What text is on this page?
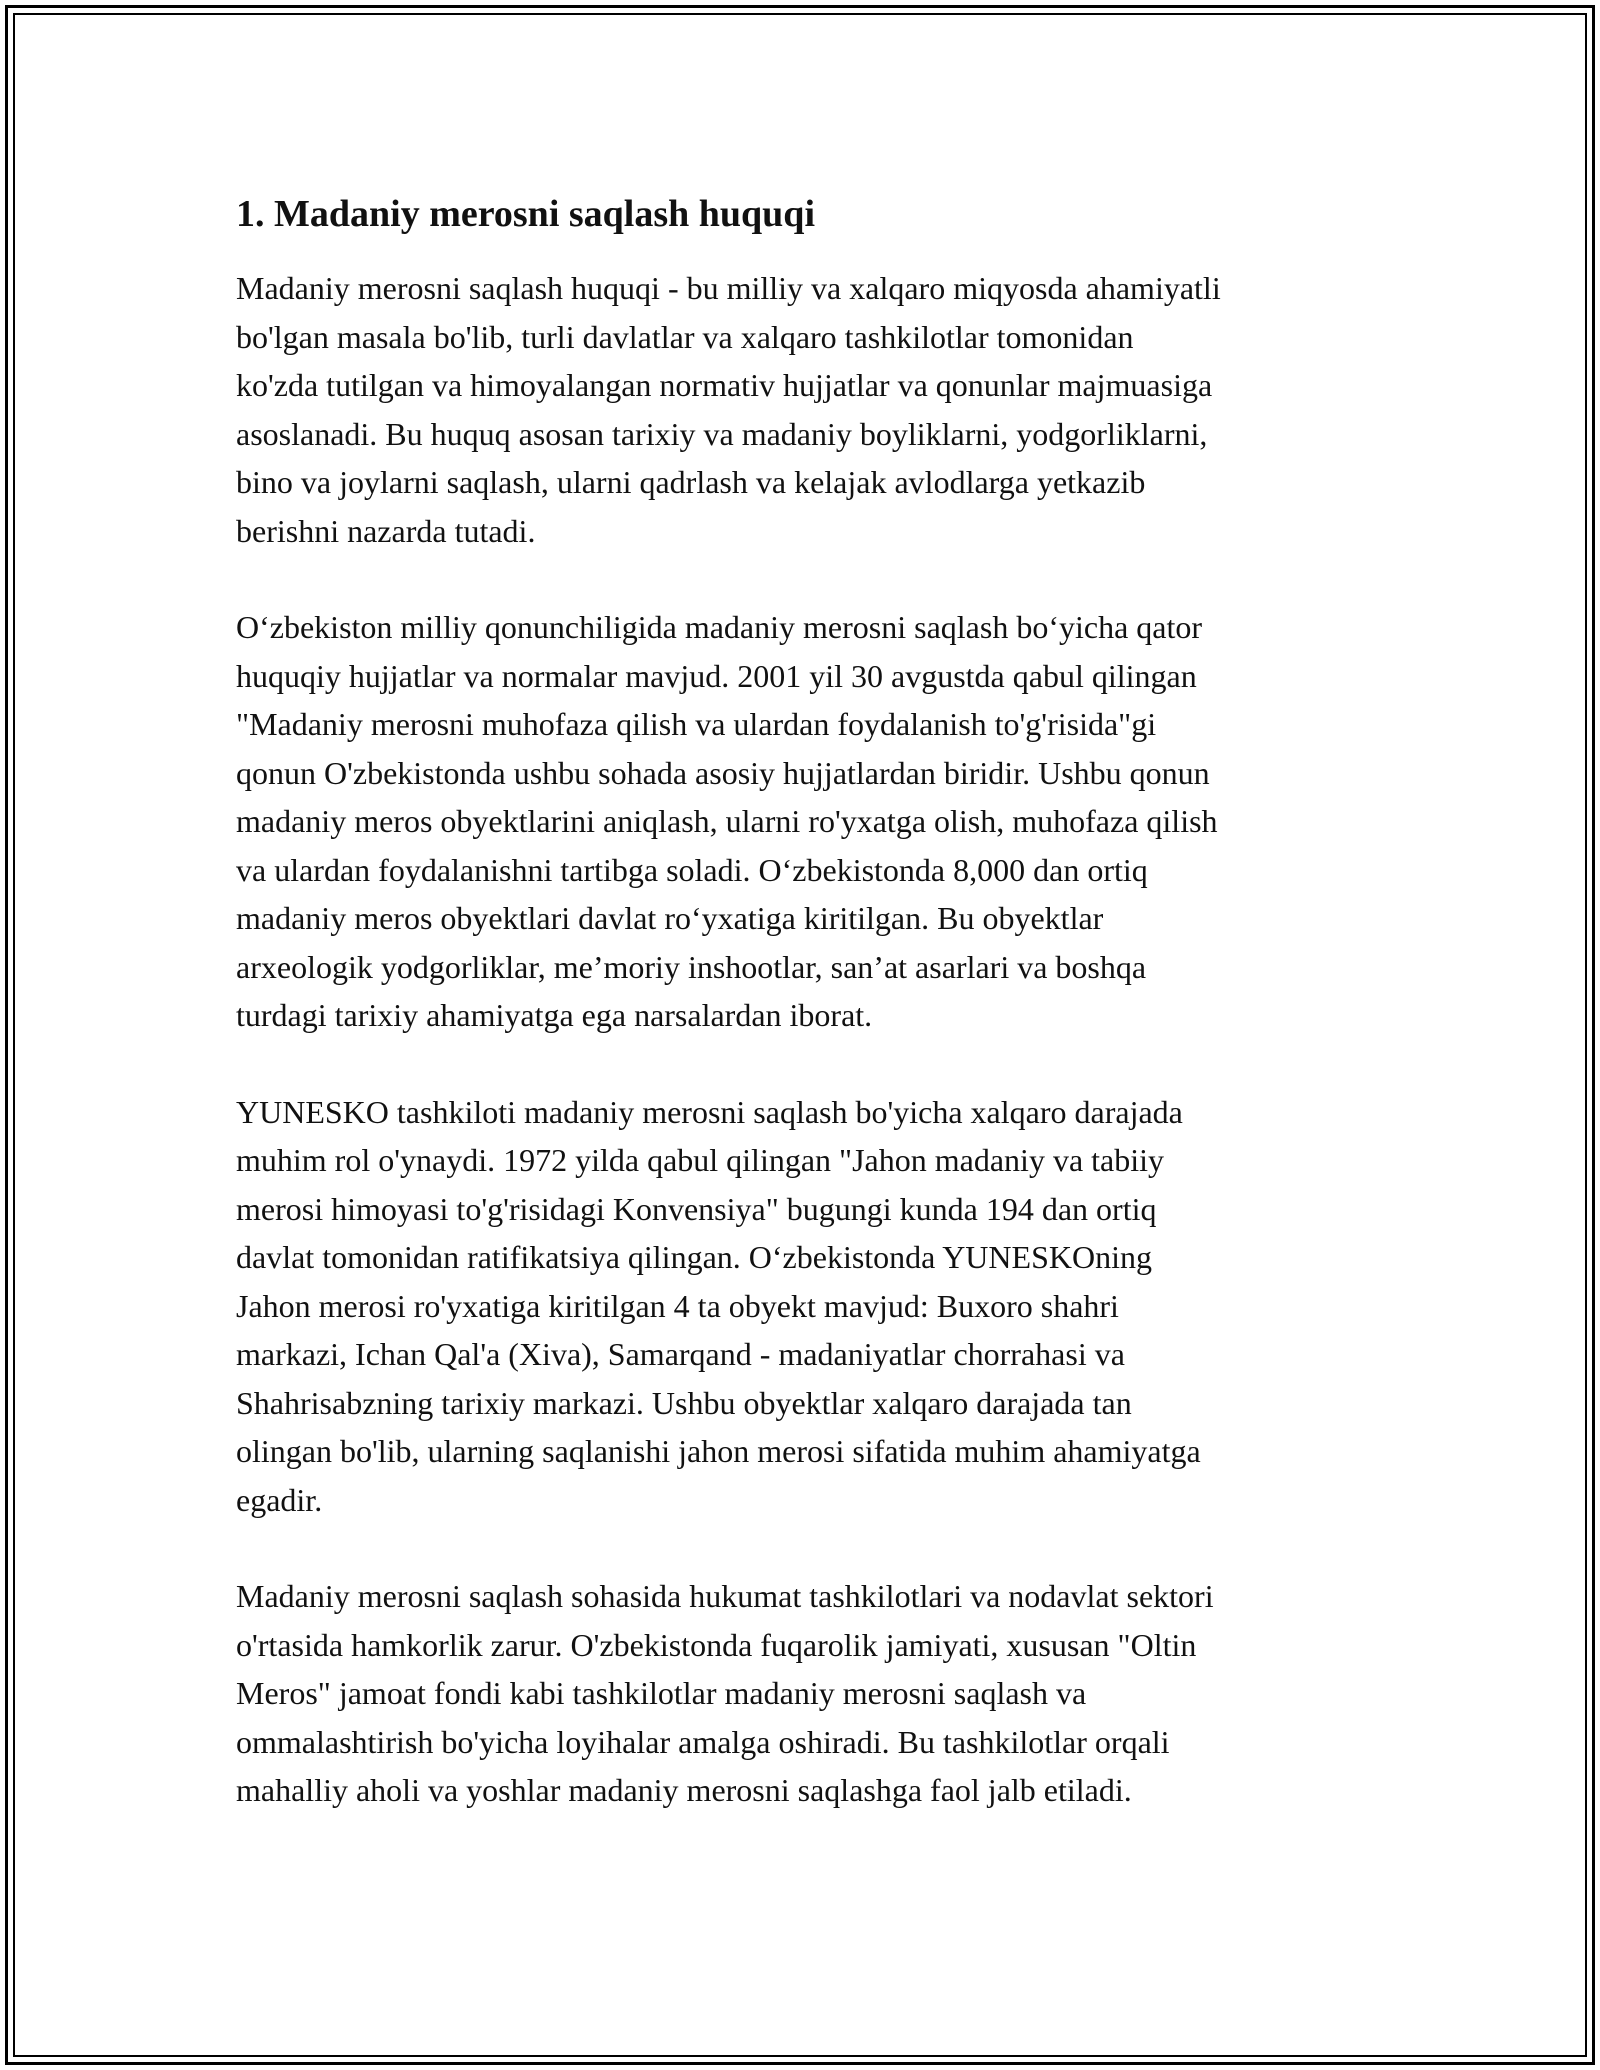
1. Madaniy merosni saqlash huquqi

Madaniy merosni saqlash huquqi - bu milliy va xalqaro miqyosda ahamiyatli
bo'lgan masala bo'lib, turli davlatlar va xalqaro tashkilotlar tomonidan
ko'zda tutilgan va himoyalangan normativ hujjatlar va qonunlar majmuasiga
asoslanadi. Bu huquq asosan tarixiy va madaniy boyliklarni, yodgorliklarni,
bino va joylarni saqlash, ularni qadrlash va kelajak avlodlarga yetkazib
berishni nazarda tutadi.

O‘zbekiston milliy qonunchiligida madaniy merosni saqlash bo‘yicha qator
huquqiy hujjatlar va normalar mavjud. 2001 yil 30 avgustda qabul qilingan
"Madaniy merosni muhofaza qilish va ulardan foydalanish to'g'risida"gi
qonun O'zbekistonda ushbu sohada asosiy hujjatlardan biridir. Ushbu qonun
madaniy meros obyektlarini aniqlash, ularni ro'yxatga olish, muhofaza qilish
va ulardan foydalanishni tartibga soladi. O‘zbekistonda 8,000 dan ortiq
madaniy meros obyektlari davlat ro‘yxatiga kiritilgan. Bu obyektlar
arxeologik yodgorliklar, me’moriy inshootlar, san’at asarlari va boshqa
turdagi tarixiy ahamiyatga ega narsalardan iborat.

YUNESKO tashkiloti madaniy merosni saqlash bo'yicha xalqaro darajada
muhim rol o'ynaydi. 1972 yilda qabul qilingan "Jahon madaniy va tabiiy
merosi himoyasi to'g'risidagi Konvensiya" bugungi kunda 194 dan ortiq
davlat tomonidan ratifikatsiya qilingan. O‘zbekistonda YUNESKOning
Jahon merosi ro'yxatiga kiritilgan 4 ta obyekt mavjud: Buxoro shahri
markazi, Ichan Qal'a (Xiva), Samarqand - madaniyatlar chorrahasi va
Shahrisabzning tarixiy markazi. Ushbu obyektlar xalqaro darajada tan
olingan bo'lib, ularning saqlanishi jahon merosi sifatida muhim ahamiyatga
egadir.

Madaniy merosni saqlash sohasida hukumat tashkilotlari va nodavlat sektori
o'rtasida hamkorlik zarur. O'zbekistonda fuqarolik jamiyati, xususan "Oltin
Meros" jamoat fondi kabi tashkilotlar madaniy merosni saqlash va
ommalashtirish bo'yicha loyihalar amalga oshiradi. Bu tashkilotlar orqali
mahalliy aholi va yoshlar madaniy merosni saqlashga faol jalb etiladi.
